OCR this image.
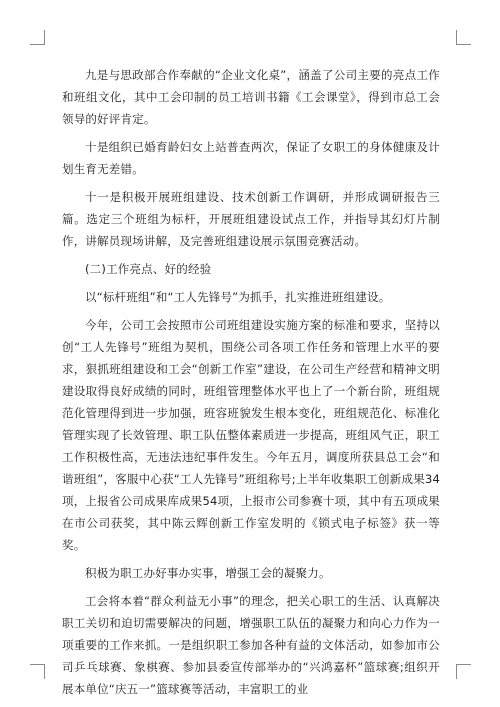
九是与思政部合作奉献的“企业文化桌”，涵盖了公司主要的亮点工作和班组文化，其中工会印制的员工培训书籍《工会课堂》，得到市总工会领导的好评肯定。

十是组织已婚育龄妇女上站普查两次，保证了女职工的身体健康及计划生育无差错。

十一是积极开展班组建设、技术创新工作调研，并形成调研报告三篇。选定三个班组为标杆，开展班组建设试点工作，并指导其幻灯片制作，讲解员现场讲解，及完善班组建设展示氛围竞赛活动。

(二)工作亮点、好的经验

以“标杆班组”和“工人先锋号”为抓手，扎实推进班组建设。

今年，公司工会按照市公司班组建设实施方案的标准和要求，坚持以创“工人先锋号”班组为契机，围绕公司各项工作任务和管理上水平的要求，狠抓班组建设和工会“创新工作室”建设，在公司生产经营和精神文明建设取得良好成绩的同时，班组管理整体水平也上了一个新台阶，班组规范化管理得到进一步加强，班容班貌发生根本变化，班组规范化、标准化管理实现了长效管理、职工队伍整体素质进一步提高，班组风气正，职工工作积极性高，无违法违纪事件发生。今年五月，调度所获县总工会“和谐班组”，客服中心获“工人先锋号”班组称号;上半年收集职工创新成果34项，上报省公司成果库成果54项，上报市公司参赛十项，其中有五项成果在市公司获奖，其中陈云辉创新工作室发明的《锁式电子标签》获一等奖。

积极为职工办好事办实事，增强工会的凝聚力。

工会将本着“群众利益无小事”的理念，把关心职工的生活、认真解决职工关切和迫切需要解决的问题，增强职工队伍的凝聚力和向心力作为一项重要的工作来抓。一是组织职工参加各种有益的文体活动，如参加市公司乒乓球赛、象棋赛、参加县委宣传部举办的“兴鸿嘉杯”篮球赛;组织开展本单位“庆五一”篮球赛等活动，丰富职工的业
